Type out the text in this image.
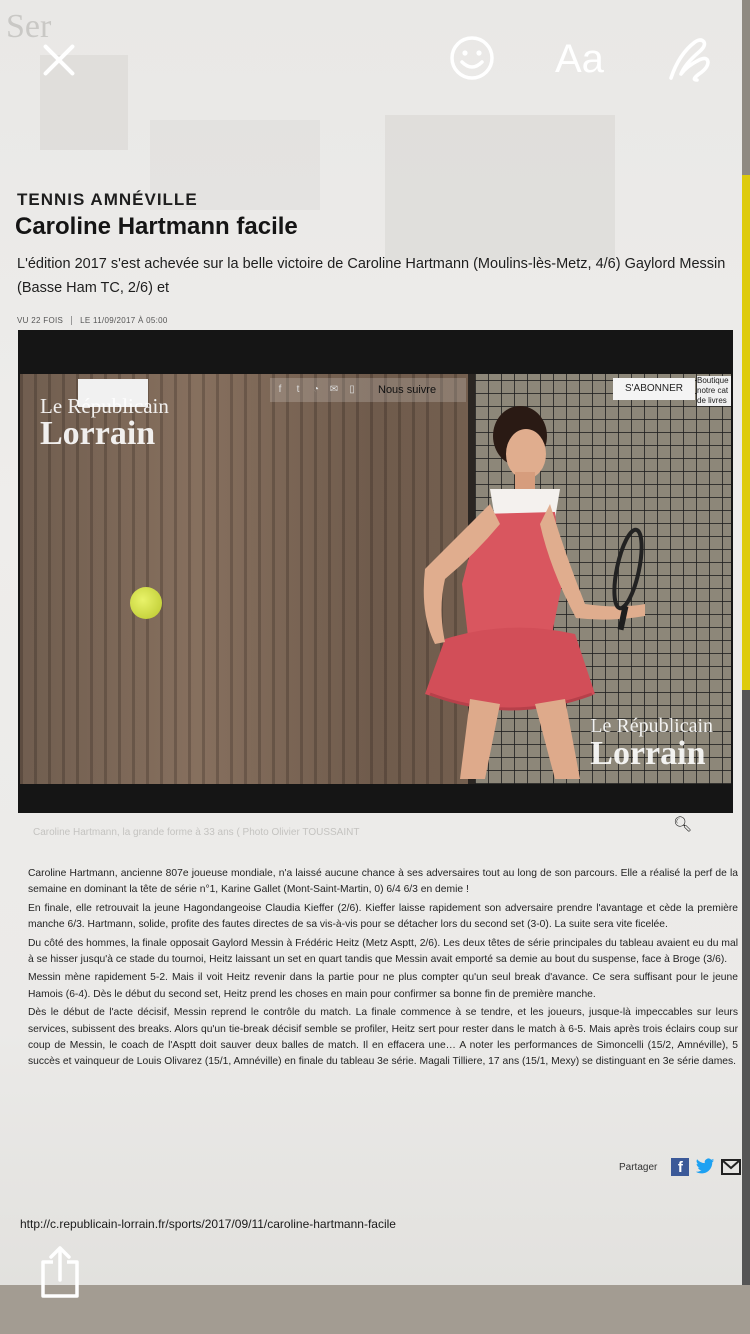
Ser
TENNIS AMNÉVILLE
Caroline Hartmann facile
L'édition 2017 s'est achevée sur la belle victoire de Caroline Hartmann (Moulins-lès-Metz, 4/6) Gaylord Messin (Basse Ham TC, 2/6) et
VU 22 FOIS LE 11/09/2017 À 05:00
Le Républicain
Lorrain
f	t	◔ ✉	▯ Nous suivre	S'ABONNER
Boutique notre cat de livres
Le Républicain
Lorrain
Caroline Hartmann, la grande forme à 33 ans ( Photo Olivier TOUSSAINT	🔍︎

Caroline Hartmann, ancienne 807e joueuse mondiale, n'a laissé aucune chance à ses adversaires tout au long de son parcours. Elle a réalisé la perf de la semaine en dominant la tête de série n°1, Karine Gallet (Mont-Saint-Martin, 0) 6/4 6/3 en demie !

En finale, elle retrouvait la jeune Hagondangeoise Claudia Kieffer (2/6). Kieffer laisse rapidement son adversaire prendre l'avantage et cède la première manche 6/3. Hartmann, solide, profite des fautes directes de sa vis-à-vis pour se détacher lors du second set (3-0). La suite sera vite ficelée.

Du côté des hommes, la finale opposait Gaylord Messin à Frédéric Heitz (Metz Asptt, 2/6). Les deux têtes de série principales du tableau avaient eu du mal à se hisser jusqu'à ce stade du tournoi, Heitz laissant un set en quart tandis que Messin avait emporté sa demie au bout du suspense, face à Broge (3/6).

Messin mène rapidement 5-2. Mais il voit Heitz revenir dans la partie pour ne plus compter qu'un seul break d'avance. Ce sera suffisant pour le jeune Hamois (6-4). Dès le début du second set, Heitz prend les choses en main pour confirmer sa bonne fin de première manche.

Dès le début de l'acte décisif, Messin reprend le contrôle du match. La finale commence à se tendre, et les joueurs, jusque-là impeccables sur leurs services, subissent des breaks. Alors qu'un tie-break décisif semble se profiler, Heitz sert pour rester dans le match à 6-5. Mais après trois éclairs coup sur coup de Messin, le coach de l'Asptt doit sauver deux balles de match. Il en effacera une… A noter les performances de Simoncelli (15/2, Amnéville), 5 succès et vainqueur de Louis Olivarez (15/1, Amnéville) en finale du tableau 3e série. Magali Tilliere, 17 ans (15/1, Mexy) se distinguant en 3e série dames.

Partager	f
http://c.republicain-lorrain.fr/sports/2017/09/11/caroline-hartmann-facile
Aa
